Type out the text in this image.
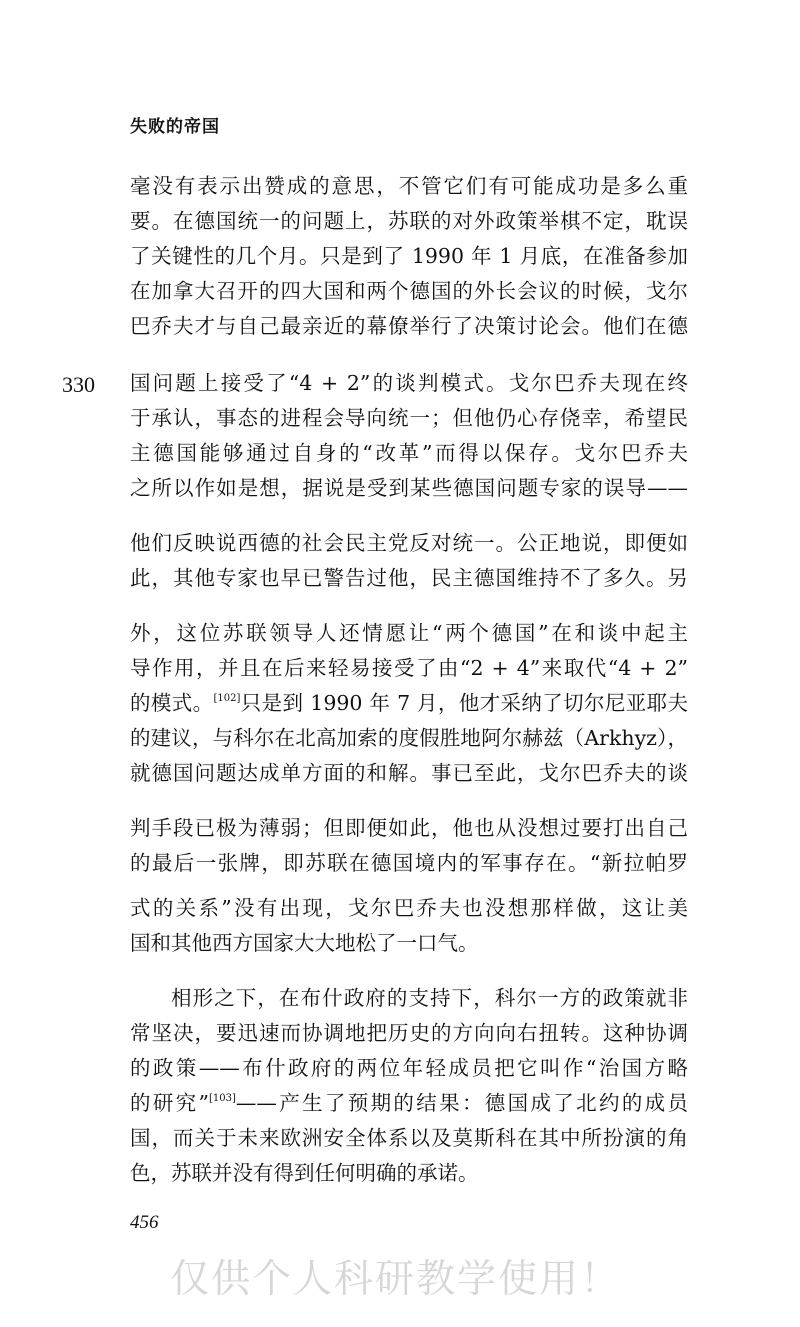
失败的帝国
330
毫没有表示出赞成的意思，不管它们有可能成功是多么重
要。在德国统一的问题上，苏联的对外政策举棋不定，耽误
了关键性的几个月。只是到了 1990 年 1 月底，在准备参加
在加拿大召开的四大国和两个德国的外长会议的时候，戈尔
巴乔夫才与自己最亲近的幕僚举行了决策讨论会。他们在德
国问题上接受了“4 + 2”的谈判模式。戈尔巴乔夫现在终
于承认，事态的进程会导向统一；但他仍心存侥幸，希望民
主德国能够通过自身的“改革”而得以保存。戈尔巴乔夫
之所以作如是想，据说是受到某些德国问题专家的误导——
他们反映说西德的社会民主党反对统一。公正地说，即便如
此，其他专家也早已警告过他，民主德国维持不了多久。另
外，这位苏联领导人还情愿让“两个德国”在和谈中起主
导作用，并且在后来轻易接受了由“2 + 4”来取代“4 + 2”
的模式。[102]只是到 1990 年 7 月，他才采纳了切尔尼亚耶夫
的建议，与科尔在北高加索的度假胜地阿尔赫兹（Arkhyz），
就德国问题达成单方面的和解。事已至此，戈尔巴乔夫的谈
判手段已极为薄弱；但即便如此，他也从没想过要打出自己
的最后一张牌，即苏联在德国境内的军事存在。“新拉帕罗
式的关系”没有出现，戈尔巴乔夫也没想那样做，这让美
国和其他西方国家大大地松了一口气。
相形之下，在布什政府的支持下，科尔一方的政策就非
常坚决，要迅速而协调地把历史的方向向右扭转。这种协调
的政策——布什政府的两位年轻成员把它叫作“治国方略
的研究”[103]——产生了预期的结果：德国成了北约的成员
国，而关于未来欧洲安全体系以及莫斯科在其中所扮演的角
色，苏联并没有得到任何明确的承诺。
456
仅供个人科研教学使用！
